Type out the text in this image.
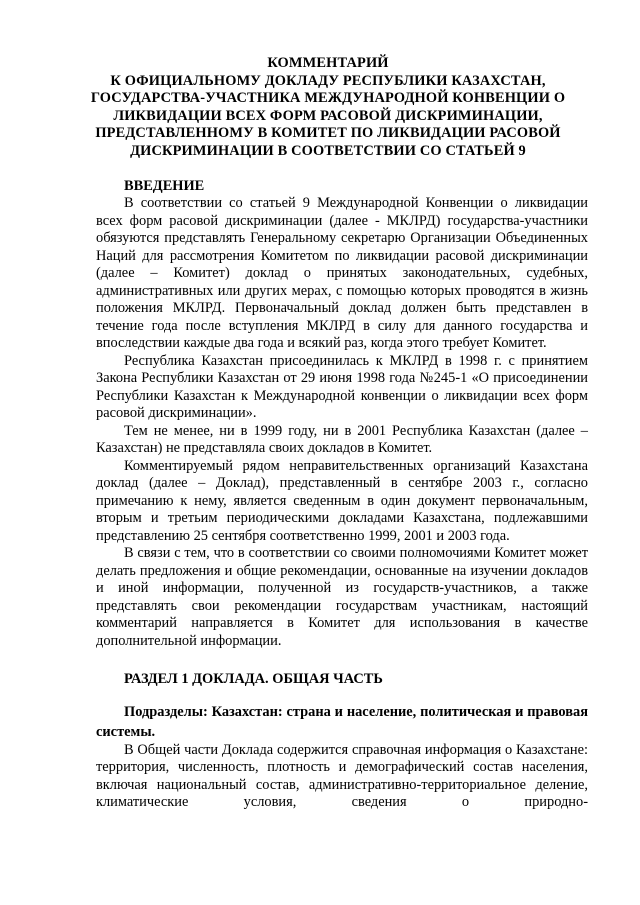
КОММЕНТАРИЙ
К ОФИЦИАЛЬНОМУ ДОКЛАДУ РЕСПУБЛИКИ КАЗАХСТАН,
ГОСУДАРСТВА-УЧАСТНИКА МЕЖДУНАРОДНОЙ КОНВЕНЦИИ О
ЛИКВИДАЦИИ ВСЕХ ФОРМ РАСОВОЙ ДИСКРИМИНАЦИИ,
ПРЕДСТАВЛЕННОМУ В КОМИТЕТ ПО ЛИКВИДАЦИИ РАСОВОЙ
ДИСКРИМИНАЦИИ В СООТВЕТСТВИИ СО СТАТЬЕЙ 9
ВВЕДЕНИЕ

В соответствии со статьей 9 Международной Конвенции о ликвидации всех форм расовой дискриминации (далее - МКЛРД) государства-участники обязуются представлять Генеральному секретарю Организации Объединенных Наций для рассмотрения Комитетом по ликвидации расовой дискриминации (далее – Комитет) доклад о принятых законодательных, судебных, административных или других мерах, с помощью которых проводятся в жизнь положения МКЛРД. Первоначальный доклад должен быть представлен в течение года после вступления МКЛРД в силу для данного государства и впоследствии каждые два года и всякий раз, когда этого требует Комитет.

Республика Казахстан присоединилась к МКЛРД в 1998 г. с принятием Закона Республики Казахстан от 29 июня 1998 года №245-1 «О присоединении Республики Казахстан к Международной конвенции о ликвидации всех форм расовой дискриминации».

Тем не менее, ни в 1999 году, ни в 2001 Республика Казахстан (далее – Казахстан) не представляла своих докладов в Комитет.

Комментируемый рядом неправительственных организаций Казахстана доклад (далее – Доклад), представленный в сентябре 2003 г., согласно примечанию к нему, является сведенным в один документ первоначальным, вторым и третьим периодическими докладами Казахстана, подлежавшими представлению 25 сентября соответственно 1999, 2001 и 2003 года.

В связи с тем, что в соответствии со своими полномочиями Комитет может делать предложения и общие рекомендации, основанные на изучении докладов и иной информации, полученной из государств-участников, а также представлять свои рекомендации государствам участникам, настоящий комментарий направляется в Комитет для использования в качестве дополнительной информации.

РАЗДЕЛ 1 ДОКЛАДА. ОБЩАЯ ЧАСТЬ

Подразделы: Казахстан: страна и население, политическая и правовая системы.

В Общей части Доклада содержится справочная информация о Казахстане: территория, численность, плотность и демографический состав населения, включая национальный состав, административно-территориальное деление, климатические условия, сведения о природно-
